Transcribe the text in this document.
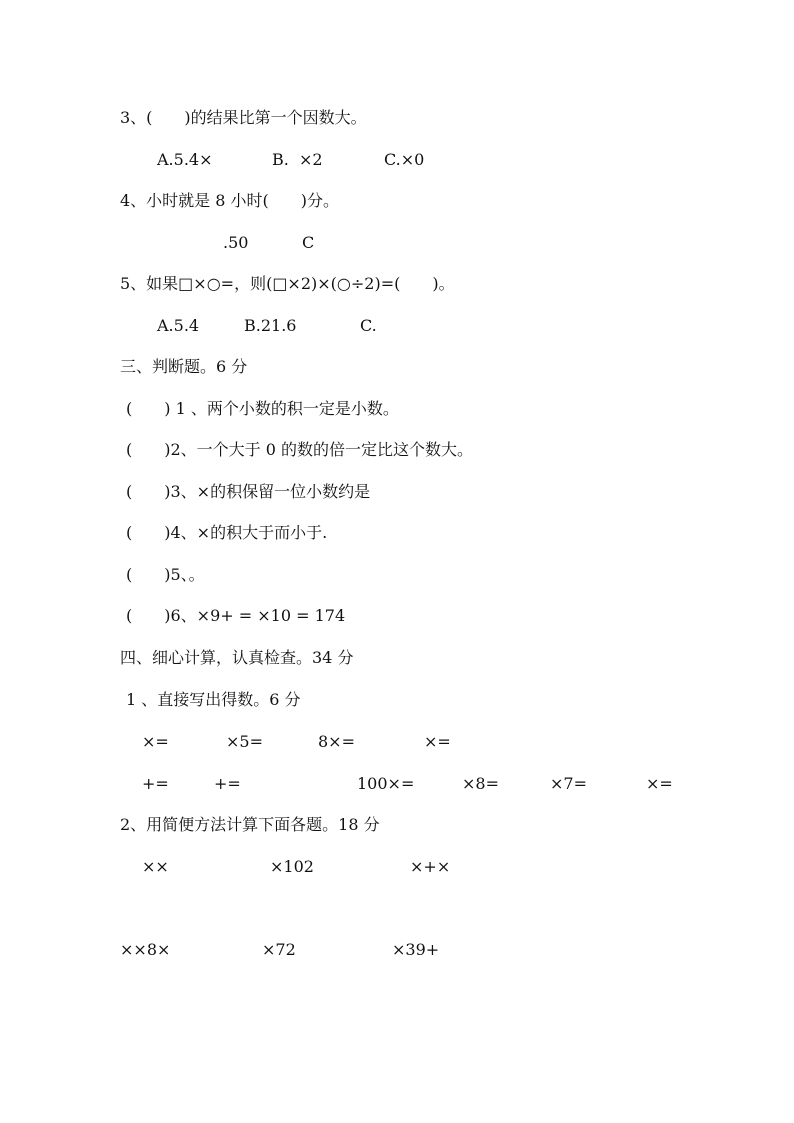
3、(　　)的结果比第一个因数大。
A.5.4×	B.  ×2	C.×0
4、小时就是 8 小时(　　)分。
.50	C
5、如果□×○=，则(□×2)×(○÷2)=(　　)。
A.5.4	B.21.6	C.
三、判断题。6 分
(　　) 1 、两个小数的积一定是小数。
(　　)2、一个大于 0 的数的倍一定比这个数大。
(　　)3、×的积保留一位小数约是
(　　)4、×的积大于而小于.
(　　)5、。
(　　)6、×9+ = ×10 = 174
四、细心计算，认真检查。34 分
1 、直接写出得数。6 分
×=	×5=	8×=	×=
+=	+=	100×=	×8=	×7=	×=
2、用简便方法计算下面各题。18 分
××	×102	×+×
××8×	×72	×39+
